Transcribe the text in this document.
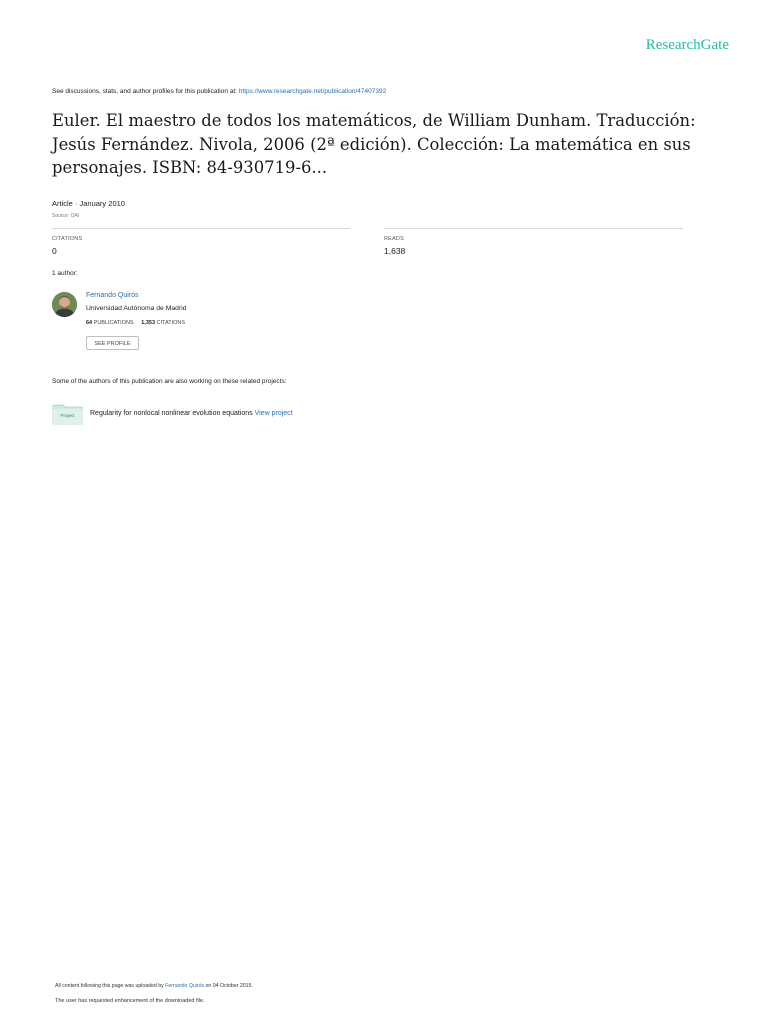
ResearchGate
See discussions, stats, and author profiles for this publication at: https://www.researchgate.net/publication/47407392
Euler. El maestro de todos los matemáticos, de William Dunham. Traducción: Jesús Fernández. Nivola, 2006 (2ª edición). Colección: La matemática en sus personajes. ISBN: 84-930719-6...
Article · January 2010
Source: OAI
CITATIONS
0
READS
1,638
1 author:
Fernando Quirós
Universidad Autónoma de Madrid
64 PUBLICATIONS 1,353 CITATIONS
SEE PROFILE
Some of the authors of this publication are also working on these related projects:
Project	Regularity for nonlocal nonlinear evolution equations View project
All content following this page was uploaded by Fernando Quirós on 04 October 2015.
The user has requested enhancement of the downloaded file.
